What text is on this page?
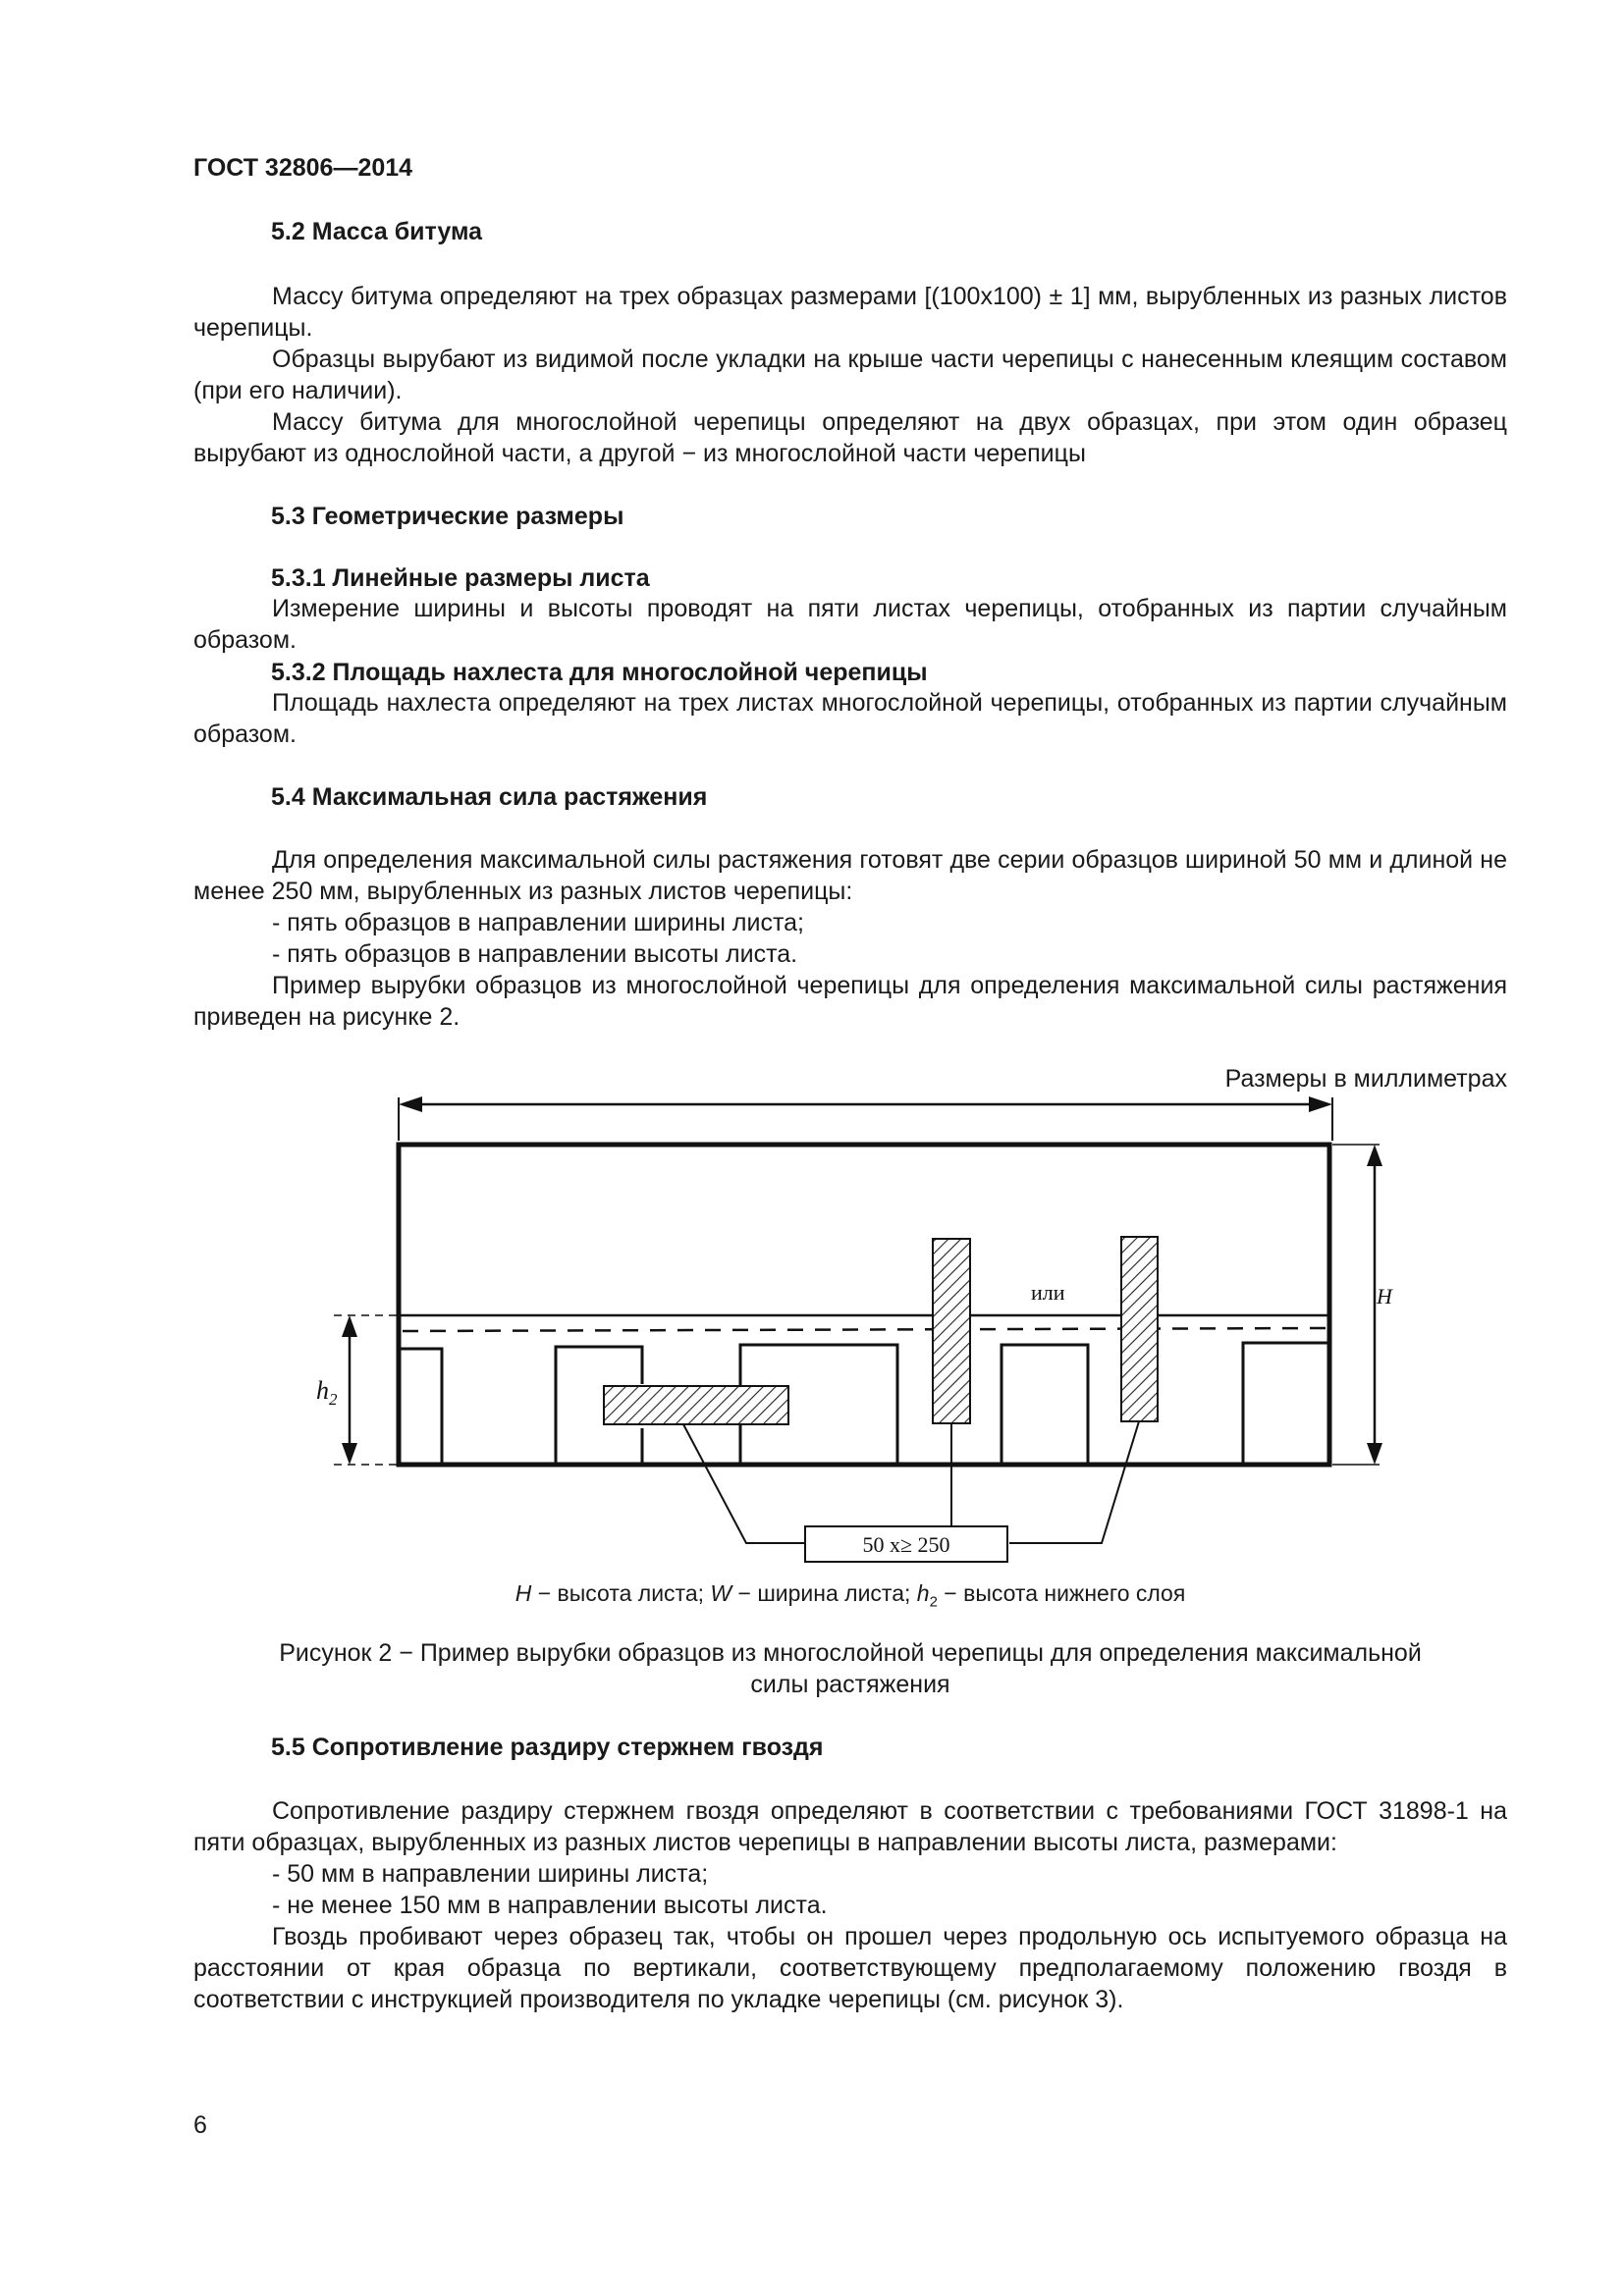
ГОСТ 32806—2014
5.2 Масса битума

Массу битума определяют на трех образцах размерами [(100x100) ± 1] мм, вырубленных из разных листов черепицы.

Образцы вырубают из видимой после укладки на крыше части черепицы с нанесенным клеящим составом (при его наличии).

Массу битума для многослойной черепицы определяют на двух образцах, при этом один образец вырубают из однослойной части, а другой − из многослойной части черепицы

5.3 Геометрические размеры
5.3.1 Линейные размеры листа

Измерение ширины и высоты проводят на пяти листах черепицы, отобранных из партии случайным образом.

5.3.2 Площадь нахлеста для многослойной черепицы

Площадь нахлеста определяют на трех листах многослойной черепицы, отобранных из партии случайным образом.

5.4 Максимальная сила растяжения

Для определения максимальной силы растяжения готовят две серии образцов шириной 50 мм и длиной не менее 250 мм, вырубленных из разных листов черепицы:

- пять образцов в направлении ширины листа;

- пять образцов в направлении высоты листа.

Пример вырубки образцов из многослойной черепицы для определения максимальной силы растяжения приведен на рисунке 2.

Размеры в миллиметрах
или	H
$h_2$
50 x≥ 250
H − высота листа; W − ширина листа; $h_2$ − высота нижнего слоя
Рисунок 2 − Пример вырубки образцов из многослойной черепицы для определения максимальной
силы растяжения
5.5 Сопротивление раздиру стержнем гвоздя

Сопротивление раздиру стержнем гвоздя определяют в соответствии с требованиями ГОСТ 31898-1 на пяти образцах, вырубленных из разных листов черепицы в направлении высоты листа, размерами:

- 50 мм в направлении ширины листа;

- не менее 150 мм в направлении высоты листа.

Гвоздь пробивают через образец так, чтобы он прошел через продольную ось испытуемого образца на расстоянии от края образца по вертикали, соответствующему предполагаемому положению гвоздя в соответствии с инструкцией производителя по укладке черепицы (см. рисунок 3).

6
